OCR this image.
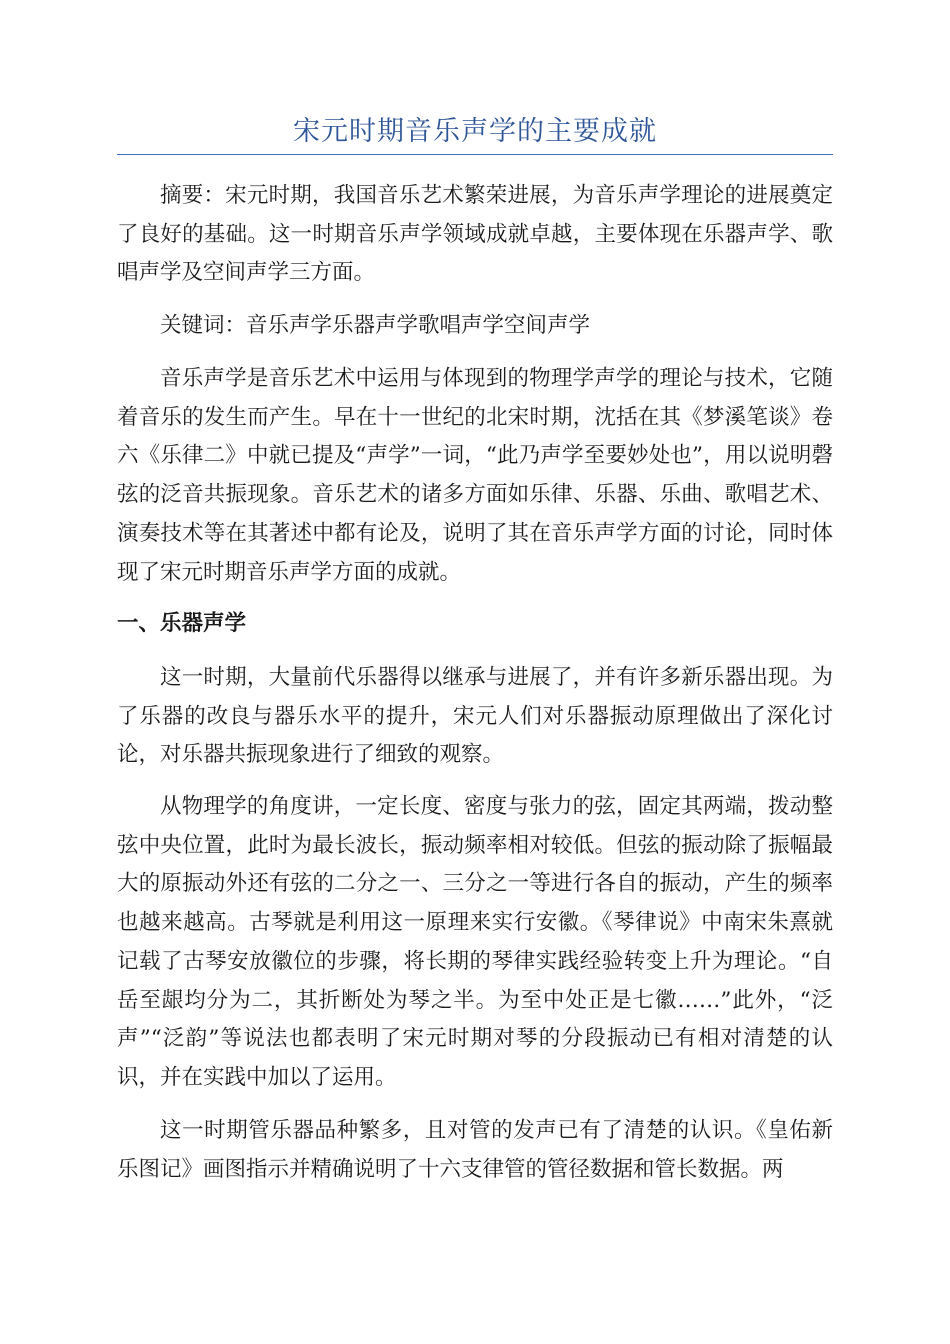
宋元时期音乐声学的主要成就

摘要：宋元时期，我国音乐艺术繁荣进展，为音乐声学理论的进展奠定了良好的基础。这一时期音乐声学领域成就卓越，主要体现在乐器声学、歌唱声学及空间声学三方面。

关键词：音乐声学乐器声学歌唱声学空间声学

音乐声学是音乐艺术中运用与体现到的物理学声学的理论与技术，它随着音乐的发生而产生。早在十一世纪的北宋时期，沈括在其《梦溪笔谈》卷六《乐律二》中就已提及“声学”一词，“此乃声学至要妙处也”，用以说明磬弦的泛音共振现象。音乐艺术的诸多方面如乐律、乐器、乐曲、歌唱艺术、演奏技术等在其著述中都有论及，说明了其在音乐声学方面的讨论，同时体现了宋元时期音乐声学方面的成就。

一、乐器声学

这一时期，大量前代乐器得以继承与进展了，并有许多新乐器出现。为了乐器的改良与器乐水平的提升，宋元人们对乐器振动原理做出了深化讨论，对乐器共振现象进行了细致的观察。

从物理学的角度讲，一定长度、密度与张力的弦，固定其两端，拨动整弦中央位置，此时为最长波长，振动频率相对较低。但弦的振动除了振幅最大的原振动外还有弦的二分之一、三分之一等进行各自的振动，产生的频率也越来越高。古琴就是利用这一原理来实行安徽。《琴律说》中南宋朱熹就记载了古琴安放徽位的步骤，将长期的琴律实践经验转变上升为理论。“自岳至龈均分为二，其折断处为琴之半。为至中处正是七徽……”此外，“泛声”“泛韵”等说法也都表明了宋元时期对琴的分段振动已有相对清楚的认识，并在实践中加以了运用。

这一时期管乐器品种繁多，且对管的发声已有了清楚的认识。《皇佑新乐图记》画图指示并精确说明了十六支律管的管径数据和管长数据。两
